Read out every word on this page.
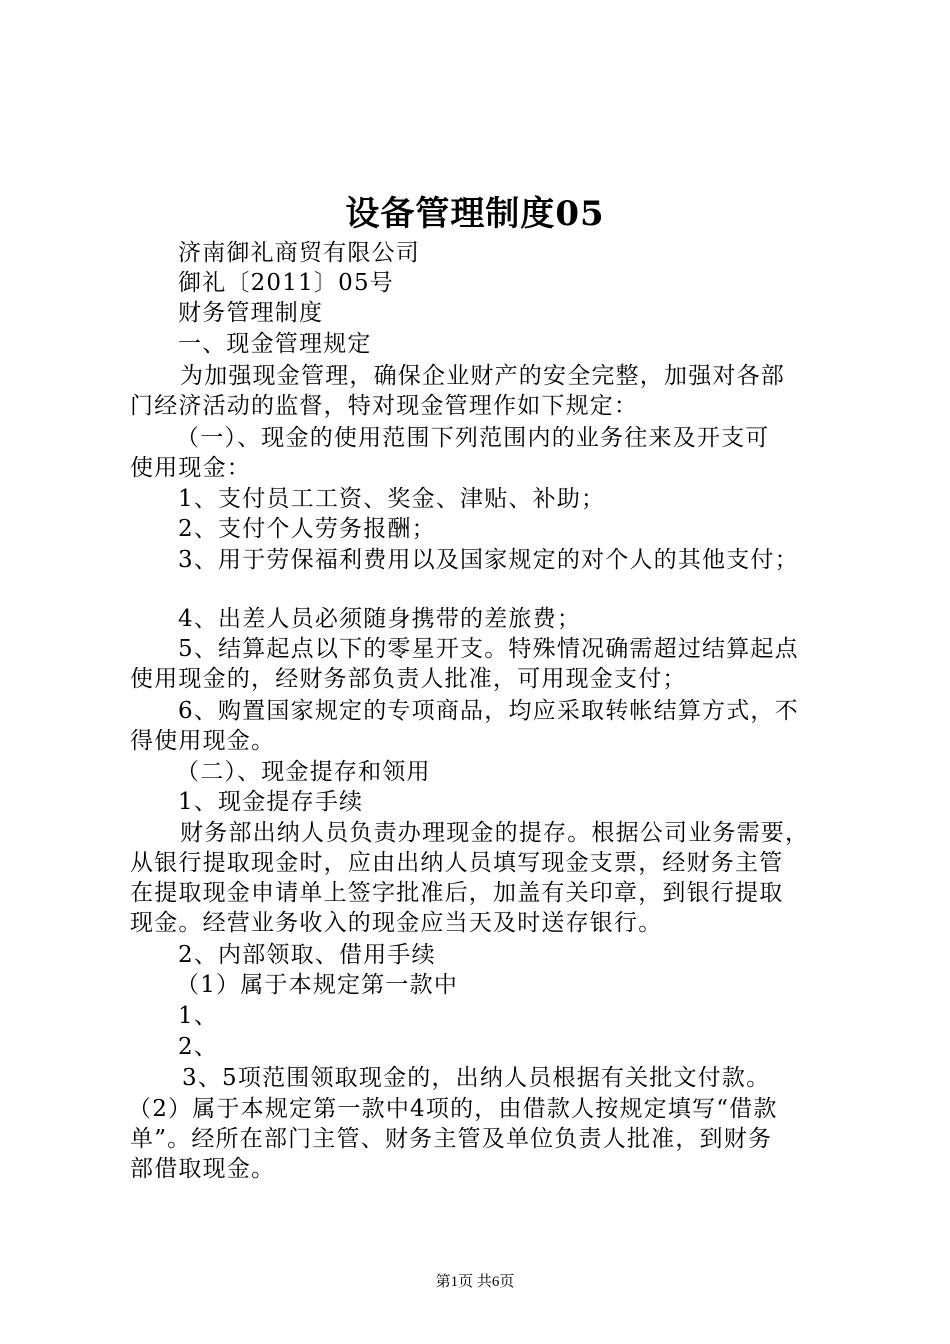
设备管理制度05
济南御礼商贸有限公司
御礼〔2011〕05号
财务管理制度
一、现金管理规定
为加强现金管理，确保企业财产的安全完整，加强对各部
门经济活动的监督，特对现金管理作如下规定：
（一）、现金的使用范围下列范围内的业务往来及开支可
使用现金：
1、支付员工工资、奖金、津贴、补助；
2、支付个人劳务报酬；
3、用于劳保福利费用以及国家规定的对个人的其他支付；
4、出差人员必须随身携带的差旅费；
5、结算起点以下的零星开支。特殊情况确需超过结算起点
使用现金的，经财务部负责人批准，可用现金支付；
6、购置国家规定的专项商品，均应采取转帐结算方式，不
得使用现金。
（二）、现金提存和领用
1、现金提存手续
财务部出纳人员负责办理现金的提存。根据公司业务需要，
从银行提取现金时，应由出纳人员填写现金支票，经财务主管
在提取现金申请单上签字批准后，加盖有关印章，到银行提取
现金。经营业务收入的现金应当天及时送存银行。
2、内部领取、借用手续
（1）属于本规定第一款中
1、
2、
3、5项范围领取现金的，出纳人员根据有关批文付款。
（2）属于本规定第一款中4项的，由借款人按规定填写“借款
单”。经所在部门主管、财务主管及单位负责人批准，到财务
部借取现金。
第1页 共6页
